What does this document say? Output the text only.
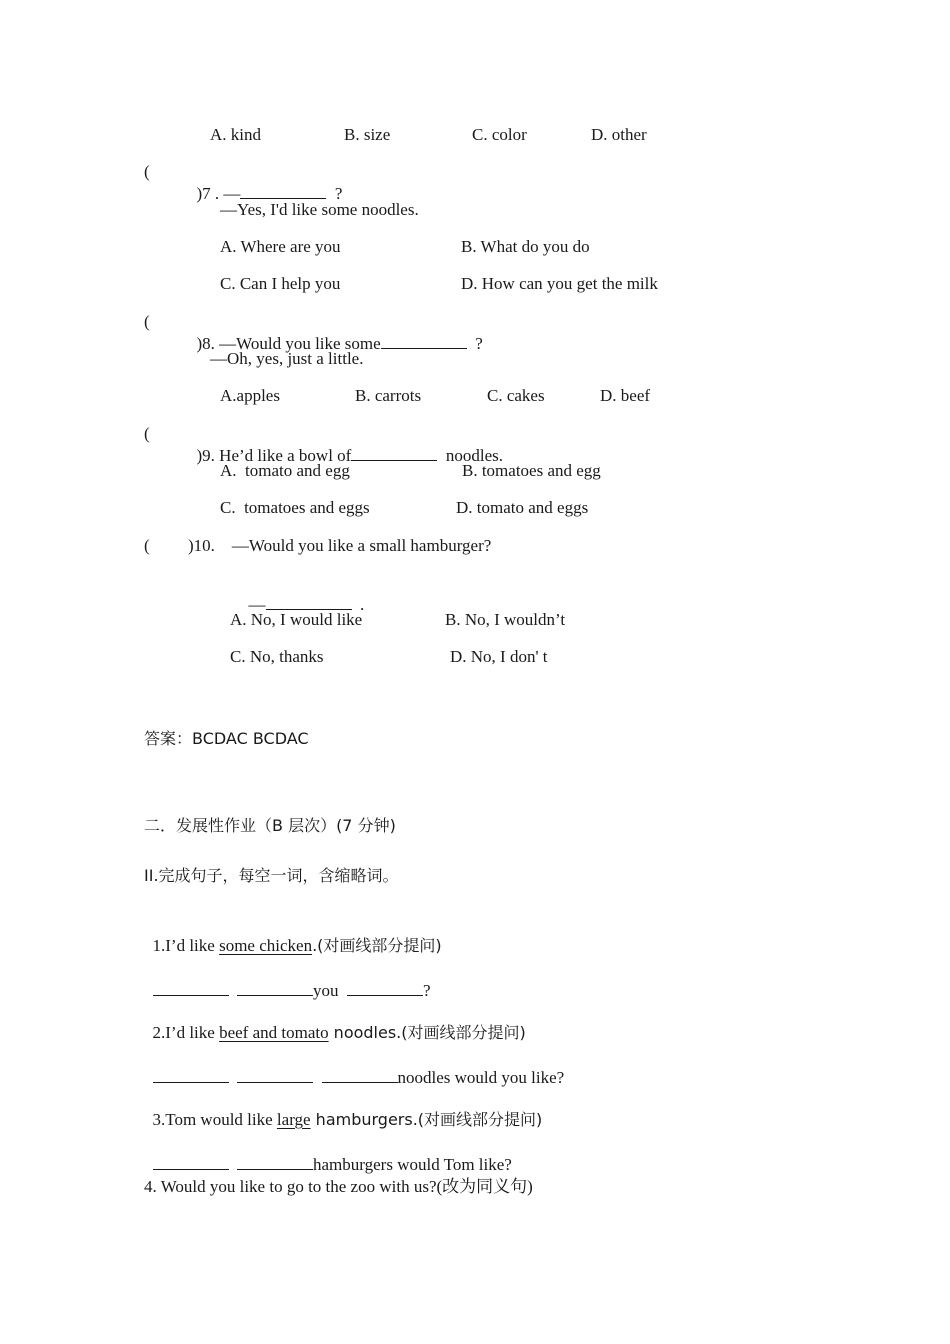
A. kind	B. size	C. color	D. other
(

)7 . —	?

—Yes, I'd like some noodles.
A. Where are you	B. What do you do
C. Can I help you	D. How can you get the milk
(

)8. —Would you like some	?

—Oh, yes, just a little.
A.apples	B. carrots	C. cakes	D. beef
(

)9. He’d like a bowl of	noodles.

A.  tomato and egg	B. tomatoes and egg
C.  tomatoes and eggs	D. tomato and eggs
( )10.    —Would you like a small hamburger?

—	.

A. No, I would like	B. No, I wouldn’t
C. No, thanks	D. No, I don' t
答案：BCDAC BCDAC
二．发展性作业（B 层次）(7 分钟)
II.完成句子，每空一词，含缩略词。

1.I’d like some chicken.(对画线部分提问)

you	?

2.I’d like beef and tomato noodles.(对画线部分提问)

noodles would you like?

3.Tom would like large hamburgers.(对画线部分提问)

hamburgers would Tom like?

4. Would you like to go to the zoo with us?(改为同义句)
